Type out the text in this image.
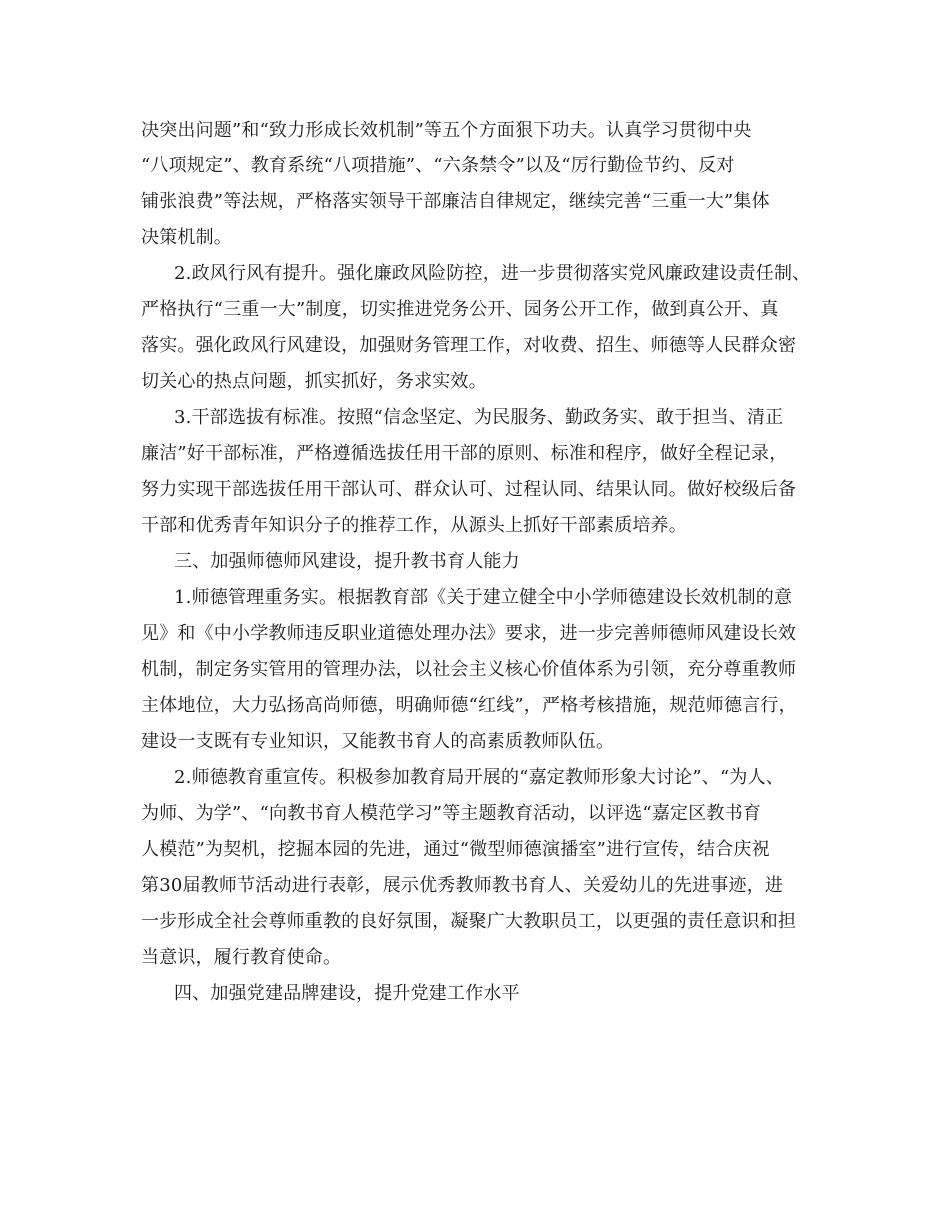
决突出问题”和“致力形成长效机制”等五个方面狠下功夫。认真学习贯彻中央
“八项规定”、教育系统“八项措施”、“六条禁令”以及“厉行勤俭节约、反对
铺张浪费”等法规，严格落实领导干部廉洁自律规定，继续完善“三重一大”集体
决策机制。
2.政风行风有提升。强化廉政风险防控，进一步贯彻落实党风廉政建设责任制、
严格执行“三重一大”制度，切实推进党务公开、园务公开工作，做到真公开、真
落实。强化政风行风建设，加强财务管理工作，对收费、招生、师德等人民群众密
切关心的热点问题，抓实抓好，务求实效。
3.干部选拔有标准。按照“信念坚定、为民服务、勤政务实、敢于担当、清正
廉洁”好干部标准，严格遵循选拔任用干部的原则、标准和程序，做好全程记录，
努力实现干部选拔任用干部认可、群众认可、过程认同、结果认同。做好校级后备
干部和优秀青年知识分子的推荐工作，从源头上抓好干部素质培养。
三、加强师德师风建设，提升教书育人能力
1.师德管理重务实。根据教育部《关于建立健全中小学师德建设长效机制的意
见》和《中小学教师违反职业道德处理办法》要求，进一步完善师德师风建设长效
机制，制定务实管用的管理办法，以社会主义核心价值体系为引领，充分尊重教师
主体地位，大力弘扬高尚师德，明确师德“红线”，严格考核措施，规范师德言行，
建设一支既有专业知识，又能教书育人的高素质教师队伍。
2.师德教育重宣传。积极参加教育局开展的“嘉定教师形象大讨论”、“为人、
为师、为学”、“向教书育人模范学习”等主题教育活动，以评选“嘉定区教书育
人模范”为契机，挖掘本园的先进，通过“微型师德演播室”进行宣传，结合庆祝
第30届教师节活动进行表彰，展示优秀教师教书育人、关爱幼儿的先进事迹，进
一步形成全社会尊师重教的良好氛围，凝聚广大教职员工，以更强的责任意识和担
当意识，履行教育使命。
四、加强党建品牌建设，提升党建工作水平
